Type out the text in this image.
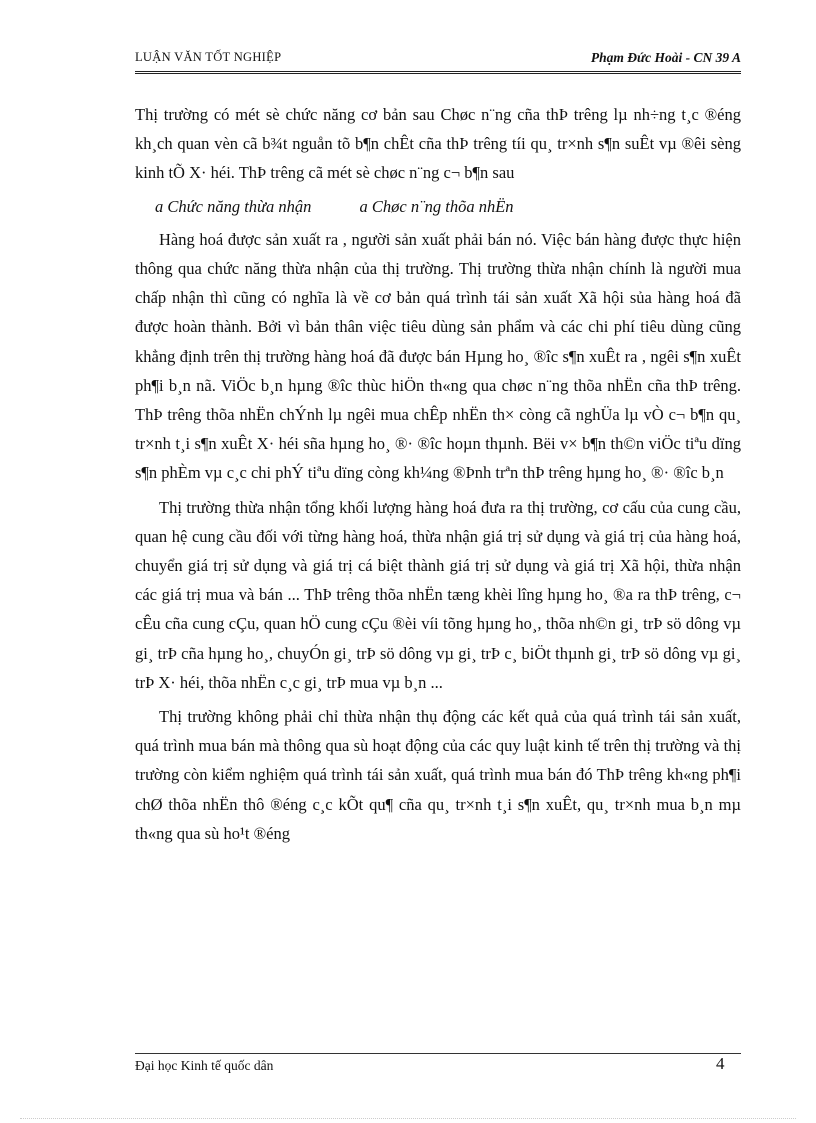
LUẬN VĂN TỐT NGHIỆP	Phạm Đức Hoài - CN 39 A

Thị trường có mét sè chức năng cơ bản sau Chøc n¨ng cña thÞ trêng lµ nh÷ng t¸c ®éng kh¸ch quan vèn cã b¾t nguån tõ b¶n chÊt cña thÞ trêng tíi qu¸ tr×nh s¶n suÊt vµ ®êi sèng kinh tÕ X· héi. ThÞ trêng cã mét sè chøc n¨ng c¬ b¶n sau

a Chức năng thừa nhận	a Chøc n¨ng thõa nhËn

Hàng hoá được sản xuất ra , người sản xuất phải bán nó. Việc bán hàng được thực hiện thông qua chức năng thừa nhận của thị trường. Thị trường thừa nhận chính là người mua chấp nhận thì cũng có nghĩa là về cơ bản quá trình tái sản xuất Xã hội sủa hàng hoá đã được hoàn thành. Bởi vì bản thân việc tiêu dùng sản phẩm và các chi phí tiêu dùng cũng khẳng định trên thị trường hàng hoá đã được bán Hµng ho¸ ®îc s¶n xuÊt ra , ngêi s¶n xuÊt ph¶i b¸n nã. ViÖc b¸n hµng ®îc thùc hiÖn th«ng qua chøc n¨ng thõa nhËn cña thÞ trêng. ThÞ trêng thõa nhËn chÝnh lµ ngêi mua chÊp nhËn th× còng cã nghÜa lµ vÒ c¬ b¶n qu¸ tr×nh t¸i s¶n xuÊt X· héi sña hµng ho¸ ®· ®îc hoµn thµnh. Bëi v× b¶n th©n viÖc tiªu dïng s¶n phÈm vµ c¸c chi phÝ tiªu dïng còng kh¼ng ®Þnh trªn thÞ trêng hµng ho¸ ®· ®îc b¸n

Thị trường thừa nhận tổng khối lượng hàng hoá đưa ra thị trường, cơ cấu của cung cầu, quan hệ cung cầu đối với từng hàng hoá, thừa nhận giá trị sử dụng và giá trị của hàng hoá, chuyển giá trị sử dụng và giá trị cá biệt thành giá trị sử dụng và giá trị Xã hội, thừa nhận các giá trị mua và bán ... ThÞ trêng thõa nhËn tæng khèi lîng hµng ho¸ ®a ra thÞ trêng, c¬ cÊu cña cung cÇu, quan hÖ cung cÇu ®èi víi tõng hµng ho¸, thõa nh©n gi¸ trÞ sö dông vµ gi¸ trÞ cña hµng ho¸, chuyÓn gi¸ trÞ sö dông vµ gi¸ trÞ c¸ biÖt thµnh gi¸ trÞ sö dông vµ gi¸ trÞ X· héi, thõa nhËn c¸c gi¸ trÞ mua vµ b¸n ...

Thị trường không phải chỉ thừa nhận thụ động các kết quả của quá trình tái sản xuất, quá trình mua bán mà thông qua sù hoạt động của các quy luật kinh tế trên thị trường và thị trường còn kiểm nghiệm quá trình tái sản xuất, quá trình mua bán đó ThÞ trêng kh«ng ph¶i chØ thõa nhËn thô ®éng c¸c kÕt qu¶ cña qu¸ tr×nh t¸i s¶n xuÊt, qu¸ tr×nh mua b¸n mµ th«ng qua sù ho¹t ®éng

Đại học Kinh tế quốc dân	4
